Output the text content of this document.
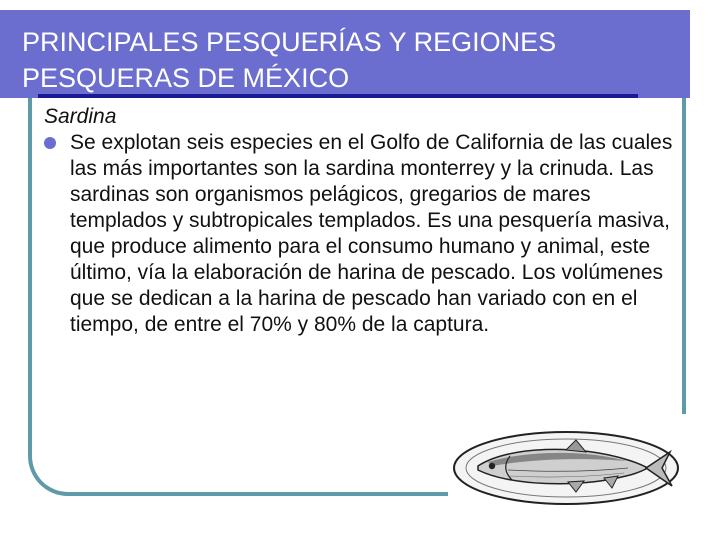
PRINCIPALES PESQUERÍAS Y REGIONES
PESQUERAS DE MÉXICO

Sardina

Se explotan seis especies en el Golfo de California de las cuales las más importantes son la sardina monterrey y la crinuda. Las sardinas son organismos pelágicos, gregarios de mares templados y subtropicales templados. Es una pesquería masiva, que produce alimento para el consumo humano y animal, este último, vía la elaboración de harina de pescado. Los volúmenes que se dedican a la harina de pescado han variado con en el tiempo, de entre el 70% y 80% de la captura.
